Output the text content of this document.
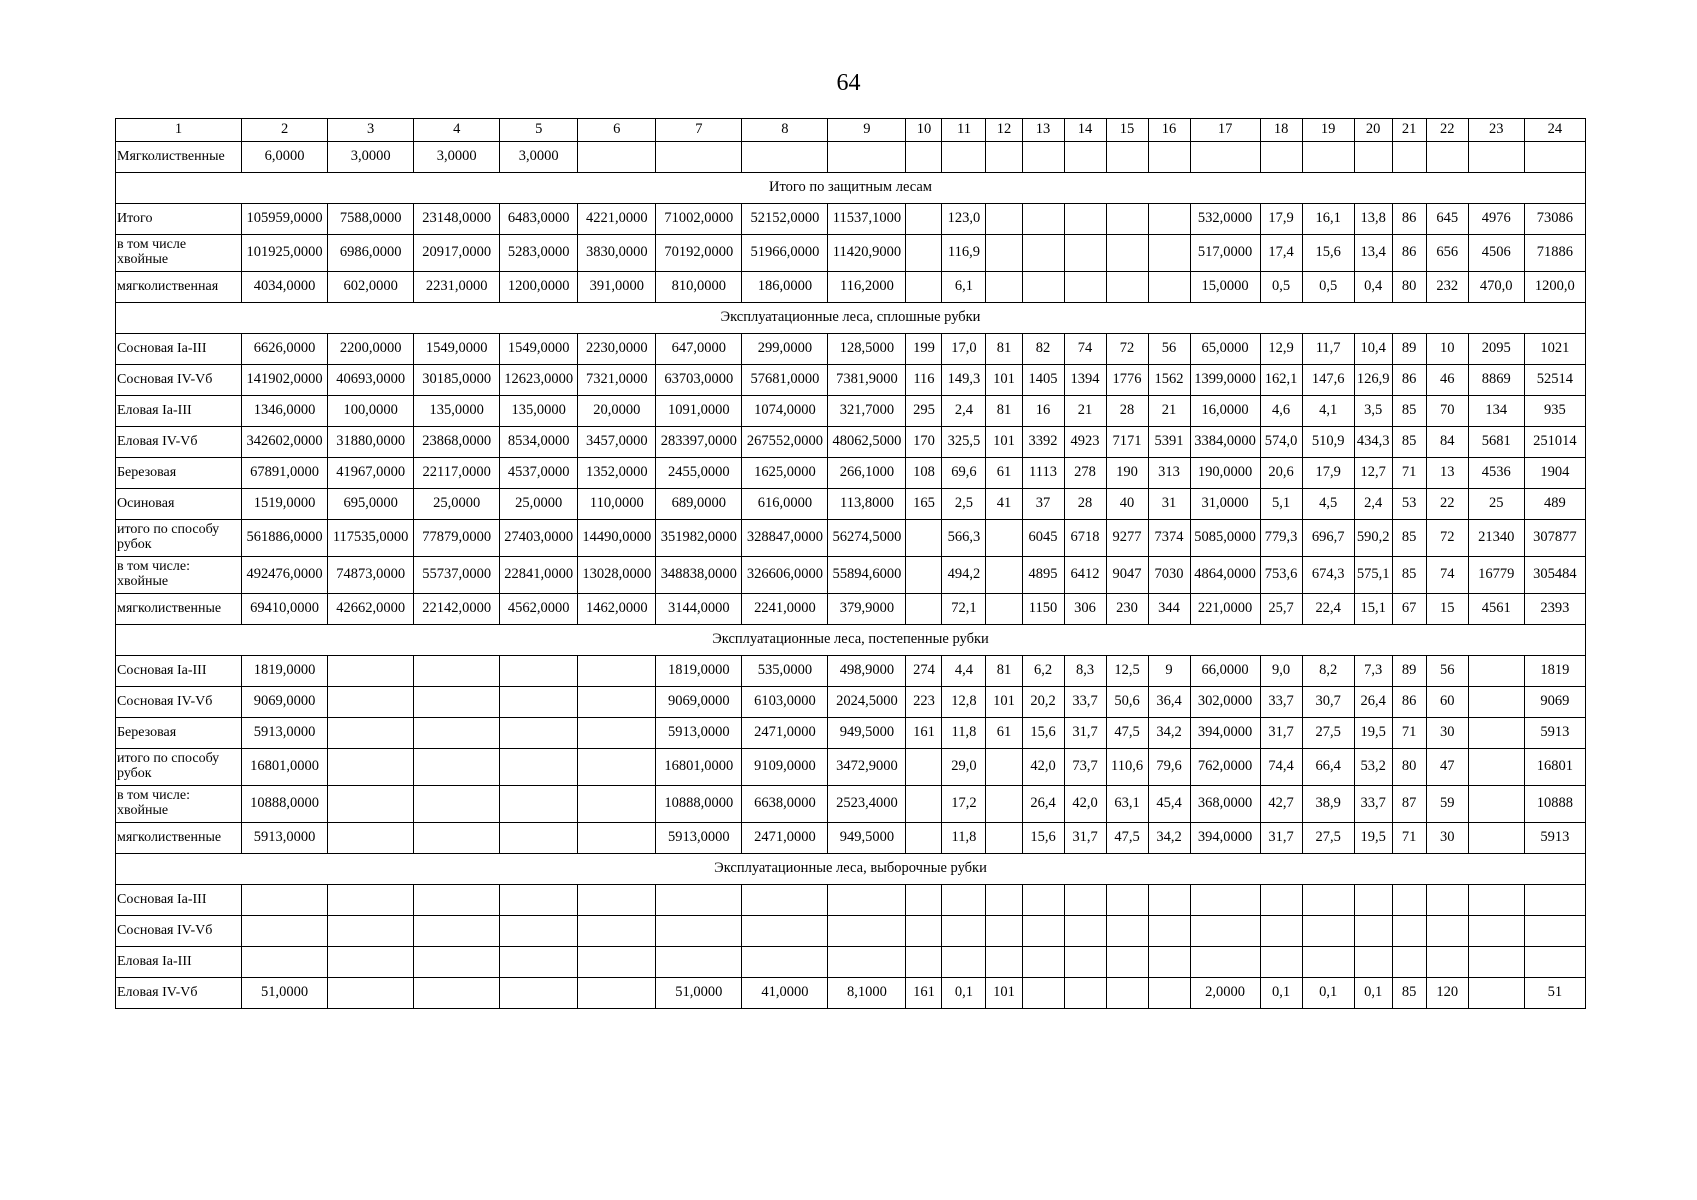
64
1	2	3	4	5	6	7	8	9	10	11	12	13	14	15	16	17	18	19	20	21	22	23	24
Мягколиственные	6,0000	3,0000	3,0000	3,0000																			
Итого по защитным лесам																							
Итого	105959,0000	7588,0000	23148,0000	6483,0000	4221,0000	71002,0000	52152,0000	11537,1000		123,0						532,0000	17,9	16,1	13,8	86	645	4976	73086
в том числе хвойные	101925,0000	6986,0000	20917,0000	5283,0000	3830,0000	70192,0000	51966,0000	11420,9000		116,9						517,0000	17,4	15,6	13,4	86	656	4506	71886
мягколиственная	4034,0000	602,0000	2231,0000	1200,0000	391,0000	810,0000	186,0000	116,2000		6,1						15,0000	0,5	0,5	0,4	80	232	470,0	1200,0
Эксплуатационные леса, сплошные рубки																							
Сосновая Ia-III	6626,0000	2200,0000	1549,0000	1549,0000	2230,0000	647,0000	299,0000	128,5000	199	17,0	81	82	74	72	56	65,0000	12,9	11,7	10,4	89	10	2095	1021
Сосновая IV-Vб	141902,0000	40693,0000	30185,0000	12623,0000	7321,0000	63703,0000	57681,0000	7381,9000	116	149,3	101	1405	1394	1776	1562	1399,0000	162,1	147,6	126,9	86	46	8869	52514
Еловая Ia-III	1346,0000	100,0000	135,0000	135,0000	20,0000	1091,0000	1074,0000	321,7000	295	2,4	81	16	21	28	21	16,0000	4,6	4,1	3,5	85	70	134	935
Еловая IV-Vб	342602,0000	31880,0000	23868,0000	8534,0000	3457,0000	283397,0000	267552,0000	48062,5000	170	325,5	101	3392	4923	7171	5391	3384,0000	574,0	510,9	434,3	85	84	5681	251014
Березовая	67891,0000	41967,0000	22117,0000	4537,0000	1352,0000	2455,0000	1625,0000	266,1000	108	69,6	61	1113	278	190	313	190,0000	20,6	17,9	12,7	71	13	4536	1904
Осиновая	1519,0000	695,0000	25,0000	25,0000	110,0000	689,0000	616,0000	113,8000	165	2,5	41	37	28	40	31	31,0000	5,1	4,5	2,4	53	22	25	489
итого по способу рубок	561886,0000	117535,0000	77879,0000	27403,0000	14490,0000	351982,0000	328847,0000	56274,5000		566,3		6045	6718	9277	7374	5085,0000	779,3	696,7	590,2	85	72	21340	307877
в том числе: хвойные	492476,0000	74873,0000	55737,0000	22841,0000	13028,0000	348838,0000	326606,0000	55894,6000		494,2		4895	6412	9047	7030	4864,0000	753,6	674,3	575,1	85	74	16779	305484
мягколиственные	69410,0000	42662,0000	22142,0000	4562,0000	1462,0000	3144,0000	2241,0000	379,9000		72,1		1150	306	230	344	221,0000	25,7	22,4	15,1	67	15	4561	2393
Эксплуатационные леса, постепенные рубки																							
Сосновая Ia-III	1819,0000					1819,0000	535,0000	498,9000	274	4,4	81	6,2	8,3	12,5	9	66,0000	9,0	8,2	7,3	89	56		1819
Сосновая IV-Vб	9069,0000					9069,0000	6103,0000	2024,5000	223	12,8	101	20,2	33,7	50,6	36,4	302,0000	33,7	30,7	26,4	86	60		9069
Березовая	5913,0000					5913,0000	2471,0000	949,5000	161	11,8	61	15,6	31,7	47,5	34,2	394,0000	31,7	27,5	19,5	71	30		5913
итого по способу рубок	16801,0000					16801,0000	9109,0000	3472,9000		29,0		42,0	73,7	110,6	79,6	762,0000	74,4	66,4	53,2	80	47		16801
в том числе: хвойные	10888,0000					10888,0000	6638,0000	2523,4000		17,2		26,4	42,0	63,1	45,4	368,0000	42,7	38,9	33,7	87	59		10888
мягколиственные	5913,0000					5913,0000	2471,0000	949,5000		11,8		15,6	31,7	47,5	34,2	394,0000	31,7	27,5	19,5	71	30		5913
Эксплуатационные леса, выборочные рубки																							
Сосновая Ia-III																							
Сосновая IV-Vб																							
Еловая Ia-III																							
Еловая IV-Vб	51,0000					51,0000	41,0000	8,1000	161	0,1	101					2,0000	0,1	0,1	0,1	85	120		51
